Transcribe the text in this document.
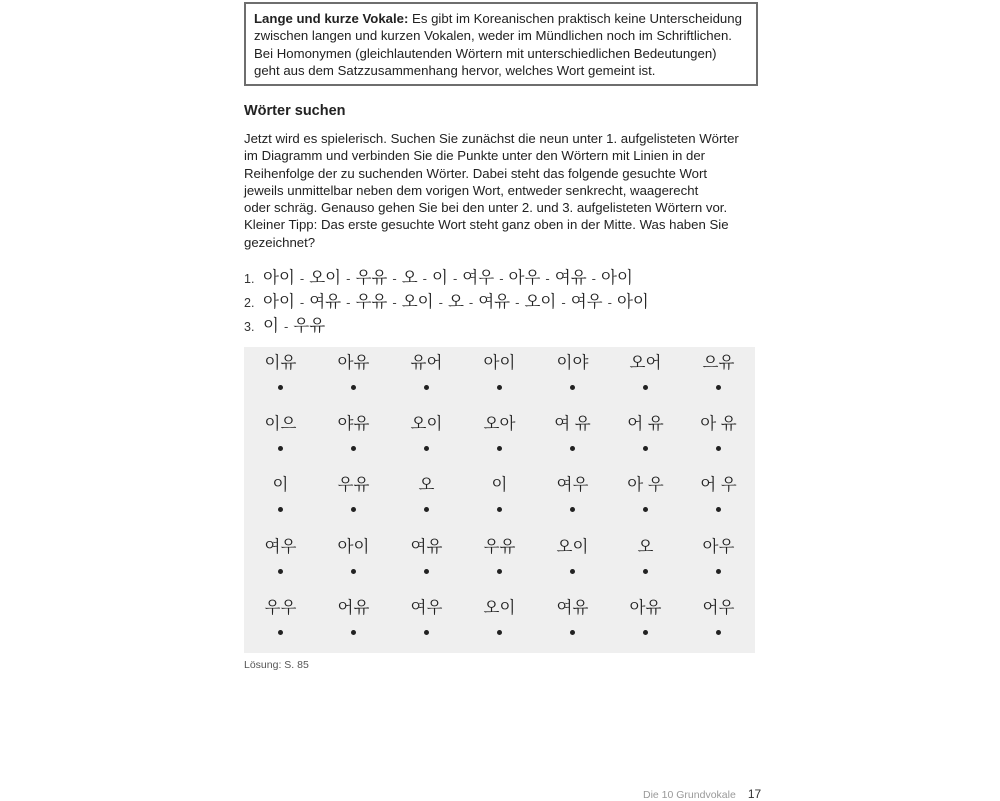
Lange und kurze Vokale: Es gibt im Koreanischen praktisch keine Unterscheidung
zwischen langen und kurzen Vokalen, weder im Mündlichen noch im Schriftlichen.
Bei Homonymen (gleichlautenden Wörtern mit unterschiedlichen Bedeutungen)
geht aus dem Satzzusammenhang hervor, welches Wort gemeint ist.
Wörter suchen
Jetzt wird es spielerisch. Suchen Sie zunächst die neun unter 1. aufgelisteten Wörter
im Diagramm und verbinden Sie die Punkte unter den Wörtern mit Linien in der
Reihenfolge der zu suchenden Wörter. Dabei steht das folgende gesuchte Wort
jeweils unmittelbar neben dem vorigen Wort, entweder senkrecht, waagerecht
oder schräg. Genauso gehen Sie bei den unter 2. und 3. aufgelisteten Wörtern vor.
Kleiner Tipp: Das erste gesuchte Wort steht ganz oben in der Mitte. Was haben Sie
gezeichnet?
1. 아이 - 오이 - 우유 - 오 - 이 - 여우 - 아우 - 여유 - 아이
2. 아이 - 여유 - 우유 - 오이 - 오 - 여유 - 오이 - 여우 - 아이
3. 이 - 우유
이유	아유	유어	아이	이야	오어	으유
이으	야유	오이	오아	여 유	어 유	아 유
이	우유	오	이	여우	아 우	어 우
여우	아이	여유	우유	오이	오	아우
우우	어유	여우	오이	여유	아유	어우
Lösung: S. 85
Die 10 Grundvokale 17
